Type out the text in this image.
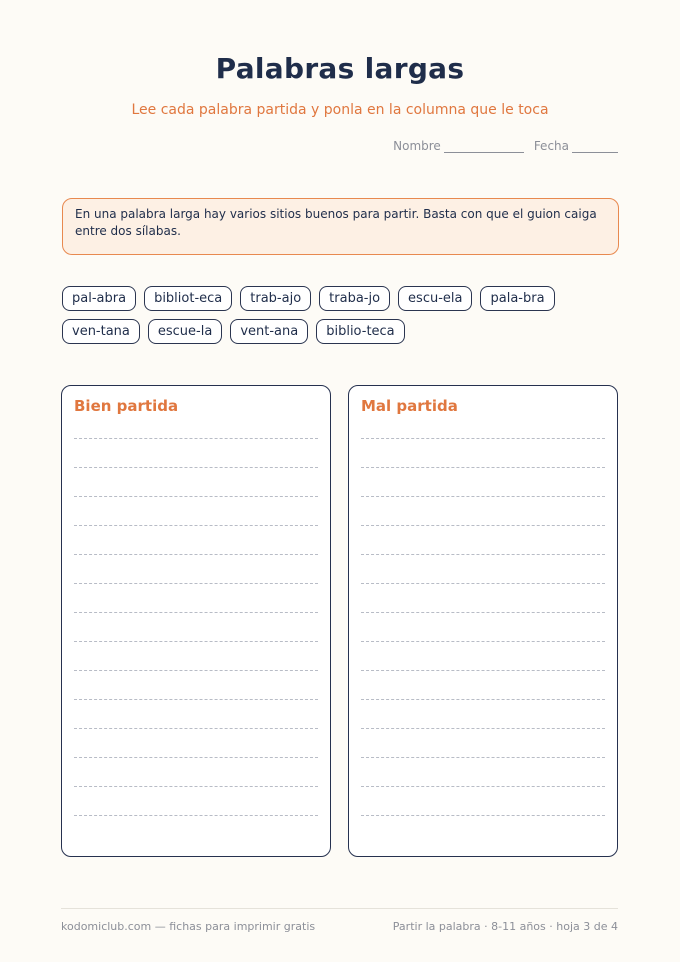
Palabras largas
Lee cada palabra partida y ponla en la columna que le toca
Nombre	Fecha
En una palabra larga hay varios sitios buenos para partir. Basta con que el guion caiga entre dos sílabas.
pal-abra	bibliot-eca	trab-ajo	traba-jo	escu-ela	pala-bra
ven-tana	escue-la	vent-ana	biblio-teca
Bien partida	Mal partida
kodomiclub.com — fichas para imprimir gratis	Partir la palabra · 8-11 años · hoja 3 de 4
